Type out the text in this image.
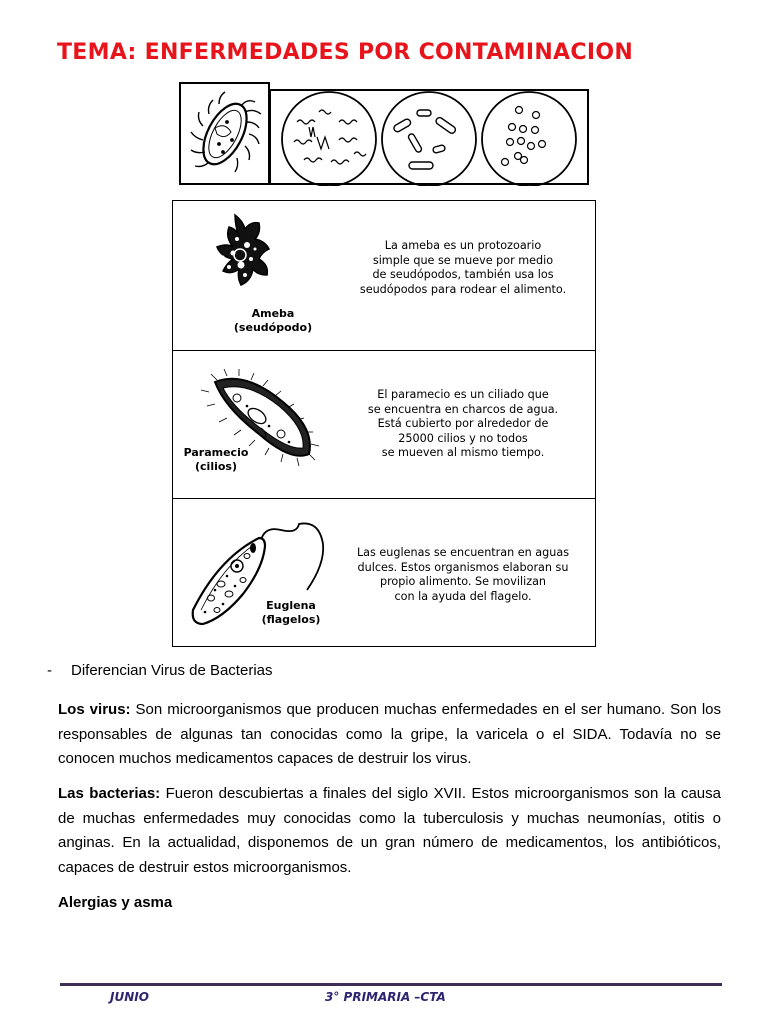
TEMA: ENFERMEDADES POR CONTAMINACION
Ameba
(seudópodo)
La ameba es un protozoario
simple que se mueve por medio
de seudópodos, también usa los
seudópodos para rodear el alimento.
Paramecio
(cilios)
El paramecio es un ciliado que
se encuentra en charcos de agua.
Está cubierto por alrededor de
25000 cilios y no todos
se mueven al mismo tiempo.
Euglena
(flagelos)
Las euglenas se encuentran en aguas
dulces. Estos organismos elaboran su
propio alimento. Se movilizan
con la ayuda del flagelo.
- Diferencian Virus de Bacterias
Los virus: Son microorganismos que producen muchas enfermedades en el ser humano. Son los responsables de algunas tan conocidas como la gripe, la varicela o el SIDA. Todavía no se conocen muchos medicamentos capaces de destruir los virus.
Las bacterias: Fueron descubiertas a finales del siglo XVII. Estos microorganismos son la causa de muchas enfermedades muy conocidas como la tuberculosis y muchas neumonías, otitis o anginas. En la actualidad, disponemos de un gran número de medicamentos, los antibióticos, capaces de destruir estos microorganismos.
Alergias y asma
JUNIO	3° PRIMARIA –CTA
